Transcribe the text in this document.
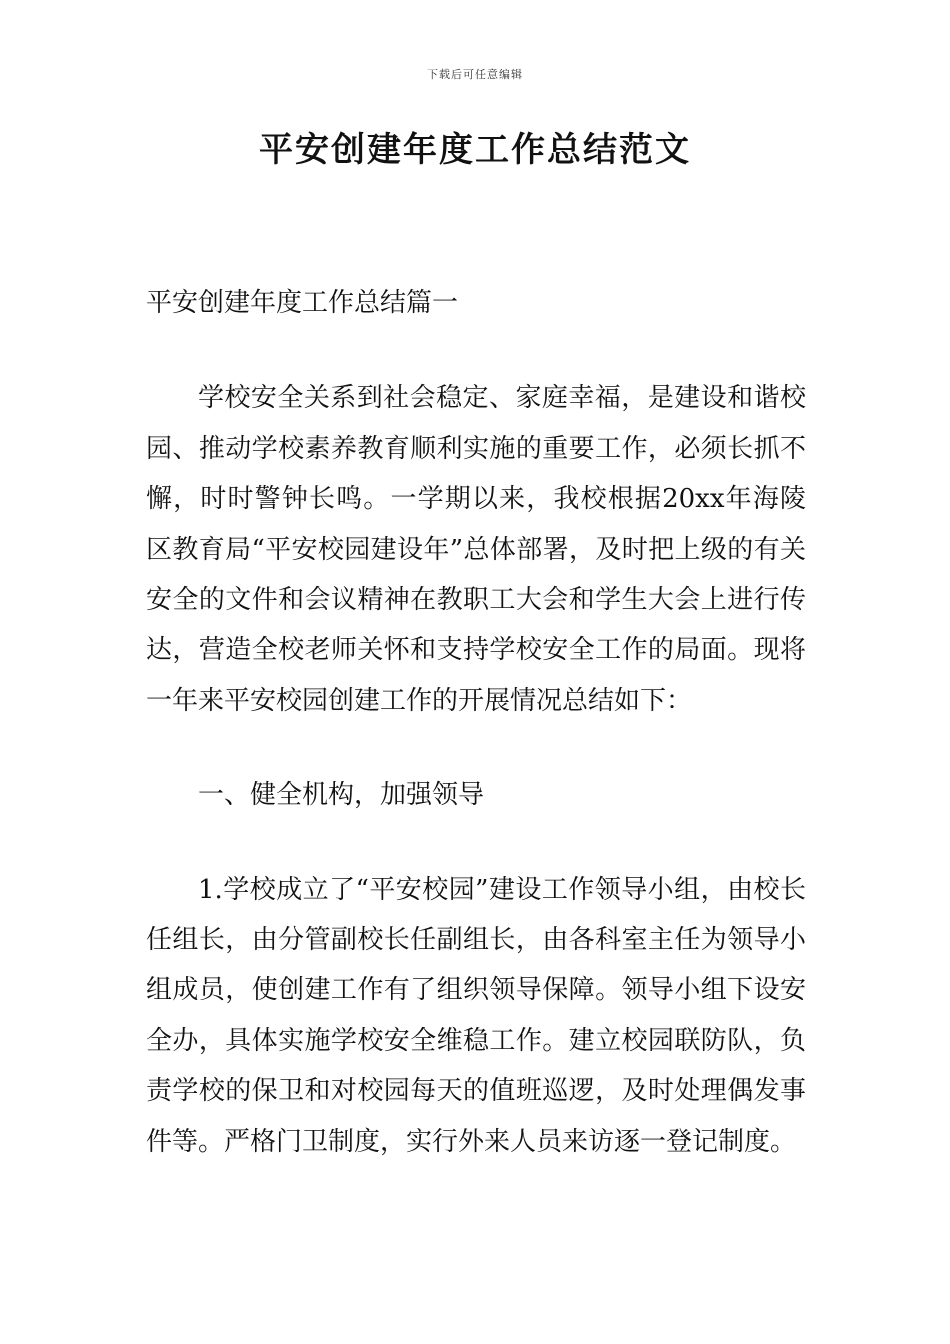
下载后可任意编辑
平安创建年度工作总结范文

平安创建年度工作总结篇一

学校安全关系到社会稳定、家庭幸福，是建设和谐校园、推动学校素养教育顺利实施的重要工作，必须长抓不懈，时时警钟长鸣。一学期以来，我校根据20xx年海陵区教育局“平安校园建设年”总体部署，及时把上级的有关安全的文件和会议精神在教职工大会和学生大会上进行传达，营造全校老师关怀和支持学校安全工作的局面。现将一年来平安校园创建工作的开展情况总结如下：

一、健全机构，加强领导

1.学校成立了“平安校园”建设工作领导小组，由校长任组长，由分管副校长任副组长，由各科室主任为领导小组成员，使创建工作有了组织领导保障。领导小组下设安全办，具体实施学校安全维稳工作。建立校园联防队，负责学校的保卫和对校园每天的值班巡逻，及时处理偶发事件等。严格门卫制度，实行外来人员来访逐一登记制度。
